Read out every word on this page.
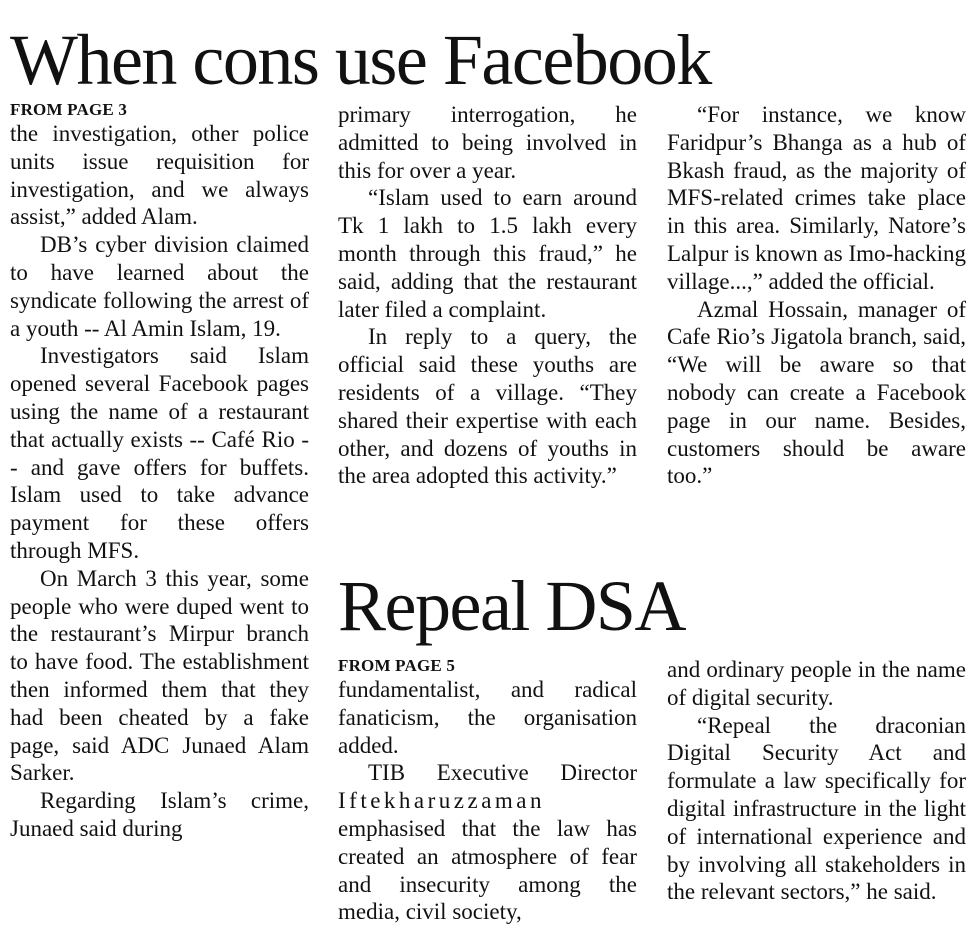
When cons use Facebook
FROM PAGE 3

the investigation, other police units issue requisition for investigation, and we always assist,” added Alam.

DB’s cyber division claimed to have learned about the syndicate following the arrest of a youth -- Al Amin Islam, 19.

Investigators said Islam opened several Facebook pages using the name of a restaurant that actually exists -- Café Rio -- and gave offers for buffets. Islam used to take advance payment for these offers through MFS.

On March 3 this year, some people who were duped went to the restaurant’s Mirpur branch to have food. The establishment then informed them that they had been cheated by a fake page, said ADC Junaed Alam Sarker.

Regarding Islam’s crime, Junaed said during

primary interrogation, he admitted to being involved in this for over a year.

“Islam used to earn around Tk 1 lakh to 1.5 lakh every month through this fraud,” he said, adding that the restaurant later filed a complaint.

In reply to a query, the official said these youths are residents of a village. “They shared their expertise with each other, and dozens of youths in the area adopted this activity.”

“For instance, we know Faridpur’s Bhanga as a hub of Bkash fraud, as the majority of MFS-related crimes take place in this area. Similarly, Natore’s Lalpur is known as Imo-hacking village...,” added the official.

Azmal Hossain, manager of Cafe Rio’s Jigatola branch, said, “We will be aware so that nobody can create a Facebook page in our name. Besides, customers should be aware too.”

Repeal DSA
FROM PAGE 5

fundamentalist, and radical fanaticism, the organisation added.

TIB Executive Director Iftekharuzzaman emphasised that the law has created an atmosphere of fear and insecurity among the media, civil society,

and ordinary people in the name of digital security.

“Repeal the draconian Digital Security Act and formulate a law specifically for digital infrastructure in the light of international experience and by involving all stakeholders in the relevant sectors,” he said.
